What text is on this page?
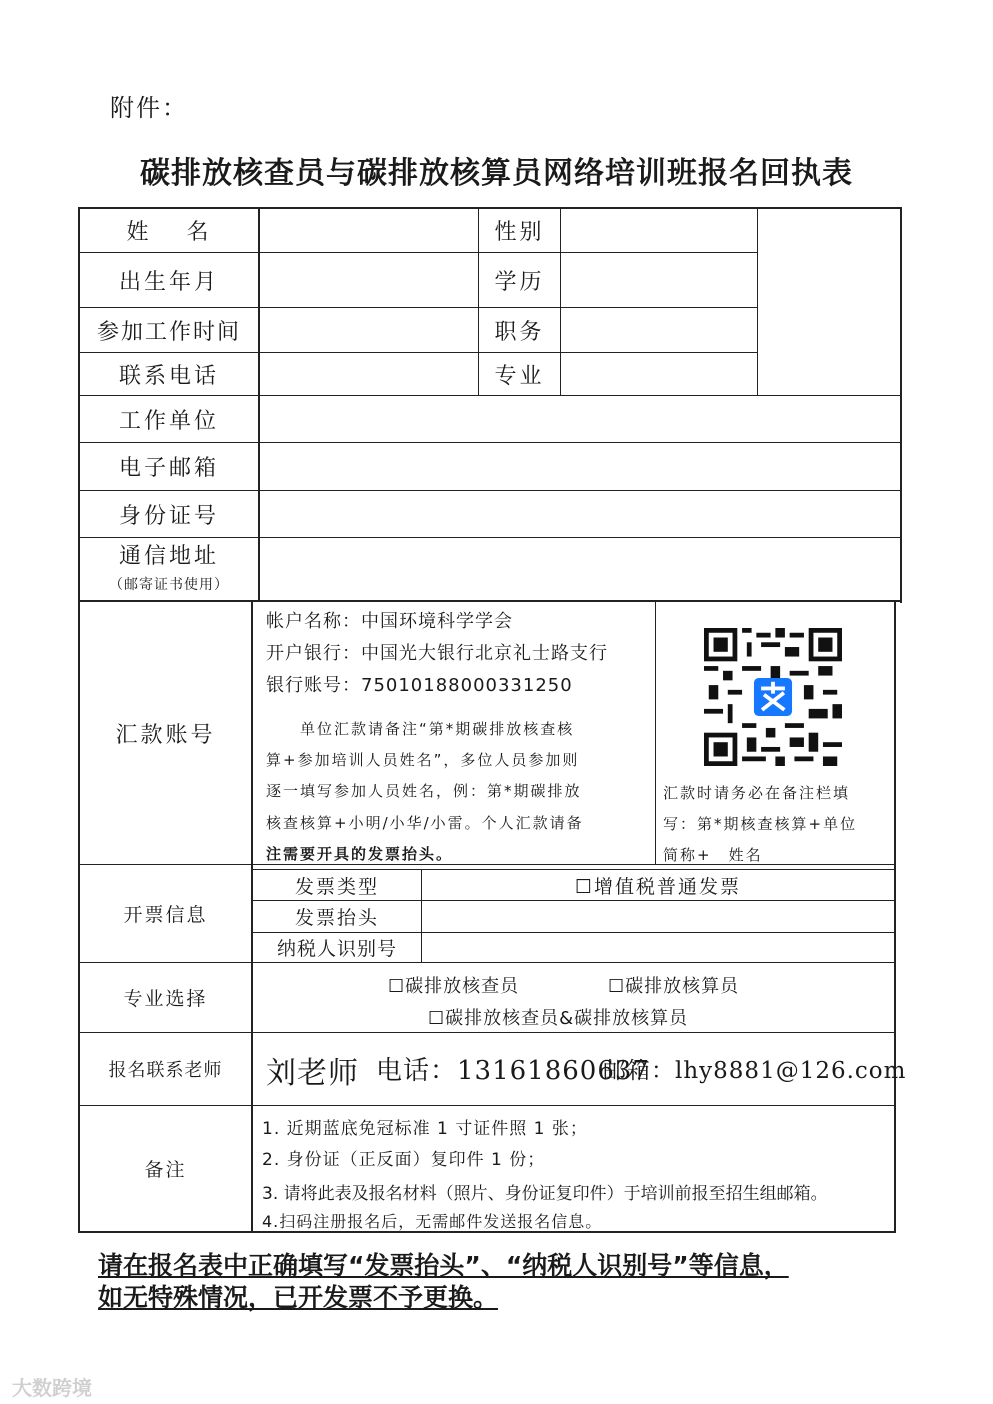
附件：
碳排放核查员与碳排放核算员网络培训班报名回执表
姓　 名	性别
出生年月	学历
参加工作时间	职务
联系电话	专业
工作单位
电子邮箱
身份证号
通信地址
（邮寄证书使用）
汇款账号
帐户名称：中国环境科学学会
开户银行：中国光大银行北京礼士路支行
银行账号：75010188000331250
　　单位汇款请备注“第*期碳排放核查核
算+参加培训人员姓名”，多位人员参加则
逐一填写参加人员姓名，例：第*期碳排放
核查核算+小明/小华/小雷。个人汇款请备
注需要开具的发票抬头。
汇款时请务必在备注栏填
写：第*期核查核算+单位
简称+　姓名
开票信息
发票类型	☐增值税普通发票
发票抬头
纳税人识别号
专业选择
☐碳排放核查员	☐碳排放核算员
☐碳排放核查员&碳排放核算员
报名联系老师	刘老师 电话：13161860637
邮箱：lhy8881@126.com
备注
1. 近期蓝底免冠标准 1 寸证件照 1 张；
2. 身份证（正反面）复印件 1 份；
3. 请将此表及报名材料（照片、身份证复印件）于培训前报至招生组邮箱。
4.扫码注册报名后，无需邮件发送报名信息。
请在报名表中正确填写“发票抬头”、“纳税人识别号”等信息，
如无特殊情况，已开发票不予更换。
大数跨境
